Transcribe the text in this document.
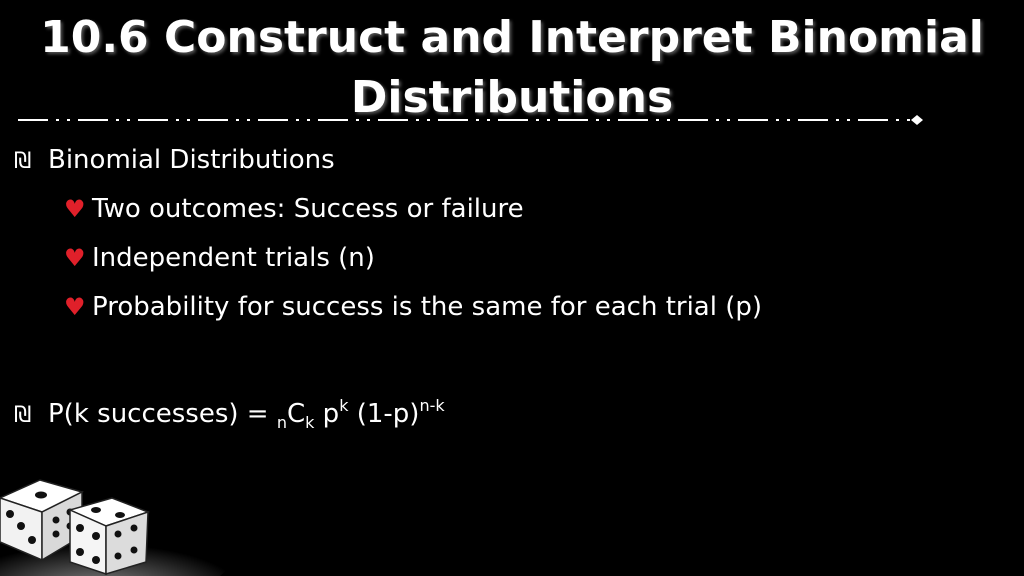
10.6 Construct and Interpret Binomial
Distributions
₪ Binomial Distributions
♥ Two outcomes: Success or failure
♥ Independent trials (n)
♥ Probability for success is the same for each trial (p)
₪ P(k successes) = $_nC_k$ $p^k$ $(1-p)^{n-k}$
